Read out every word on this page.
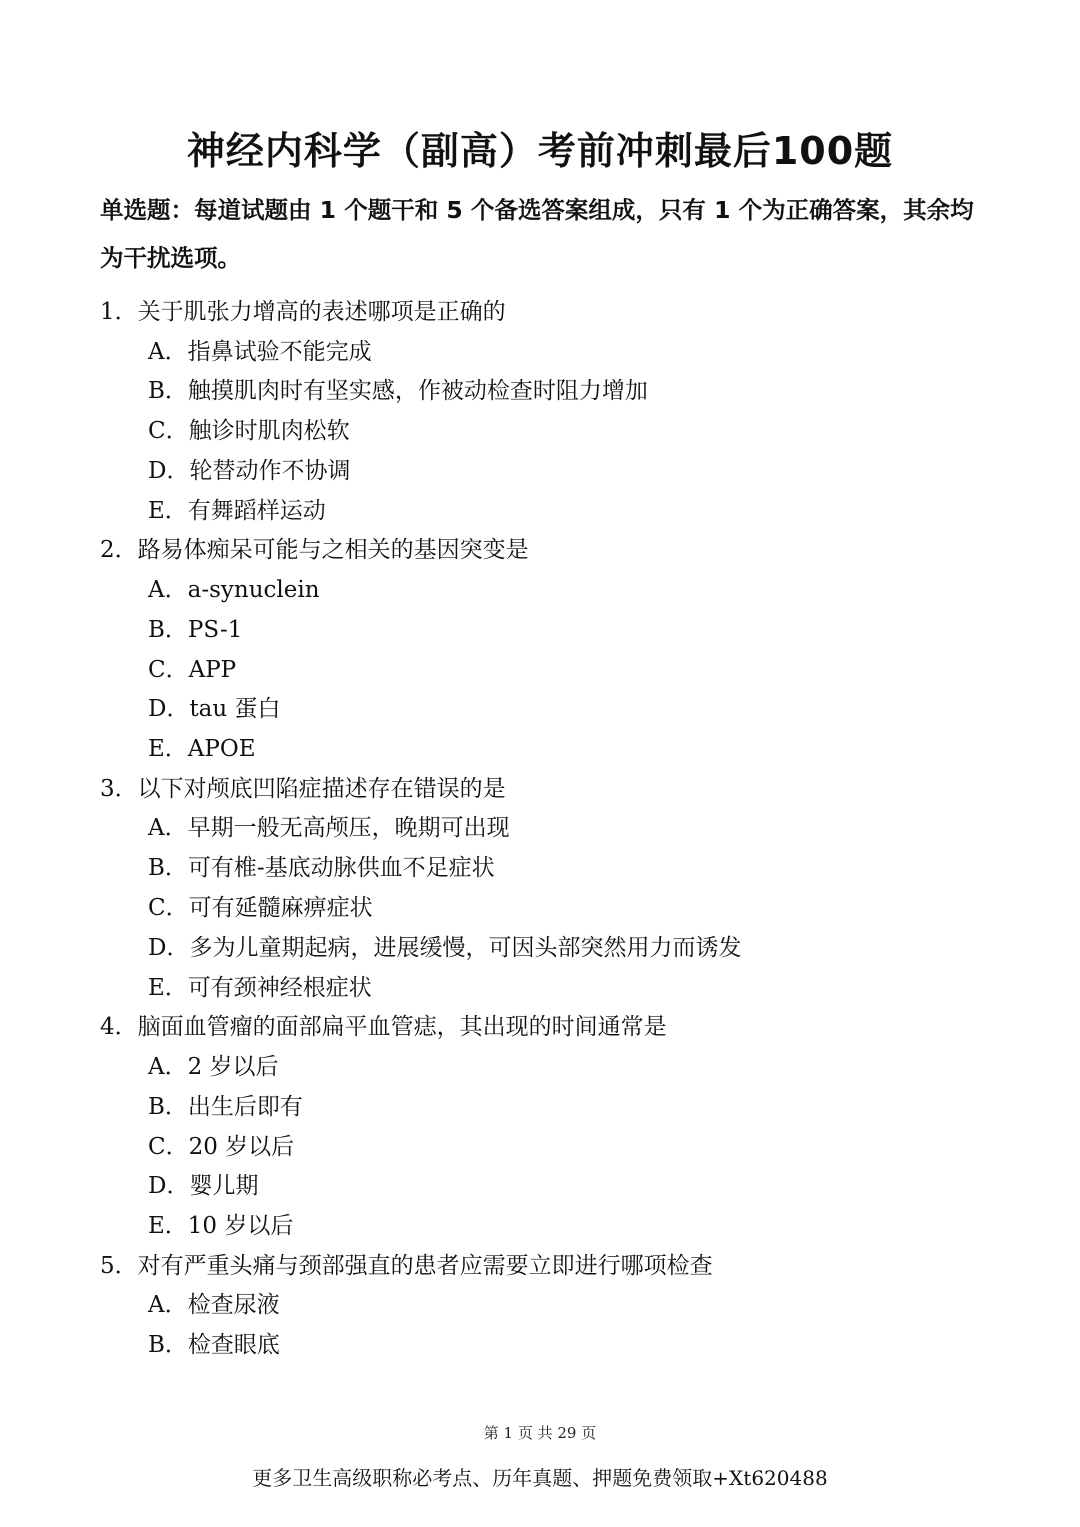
神经内科学（副高）考前冲刺最后100题
单选题：每道试题由 1 个题干和 5 个备选答案组成，只有 1 个为正确答案，其余均为干扰选项。
1．关于肌张力增高的表述哪项是正确的
A．指鼻试验不能完成
B．触摸肌肉时有坚实感，作被动检查时阻力增加
C．触诊时肌肉松软
D．轮替动作不协调
E．有舞蹈样运动
2．路易体痴呆可能与之相关的基因突变是
A．a-synuclein
B．PS-1
C．APP
D．tau 蛋白
E．APOE
3．以下对颅底凹陷症描述存在错误的是
A．早期一般无高颅压，晚期可出现
B．可有椎-基底动脉供血不足症状
C．可有延髓麻痹症状
D．多为儿童期起病，进展缓慢，可因头部突然用力而诱发
E．可有颈神经根症状
4．脑面血管瘤的面部扁平血管痣，其出现的时间通常是
A．2 岁以后
B．出生后即有
C．20 岁以后
D．婴儿期
E．10 岁以后
5．对有严重头痛与颈部强直的患者应需要立即进行哪项检查
A．检查尿液
B．检查眼底
第 1 页 共 29 页
更多卫生高级职称必考点、历年真题、押题免费领取+Xt620488
